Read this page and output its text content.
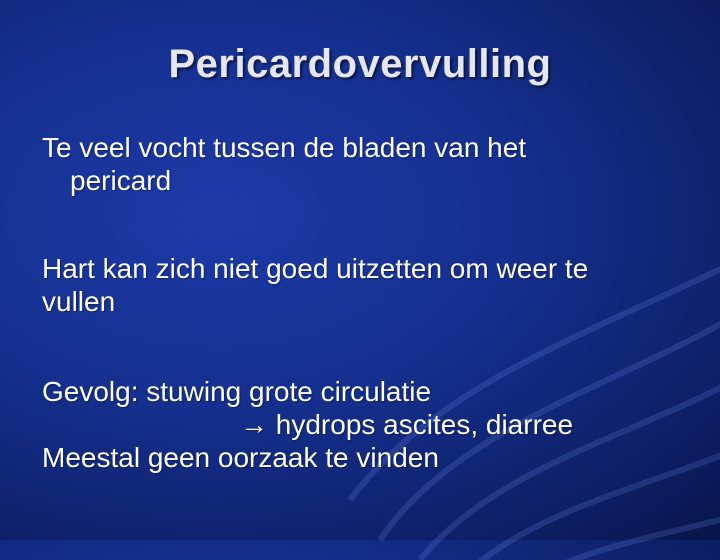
Pericardovervulling
Te veel vocht tussen de bladen van het
pericard
Hart kan zich niet goed uitzetten om weer te
vullen
Gevolg: stuwing grote circulatie
→ hydrops ascites, diarree
Meestal geen oorzaak te vinden
